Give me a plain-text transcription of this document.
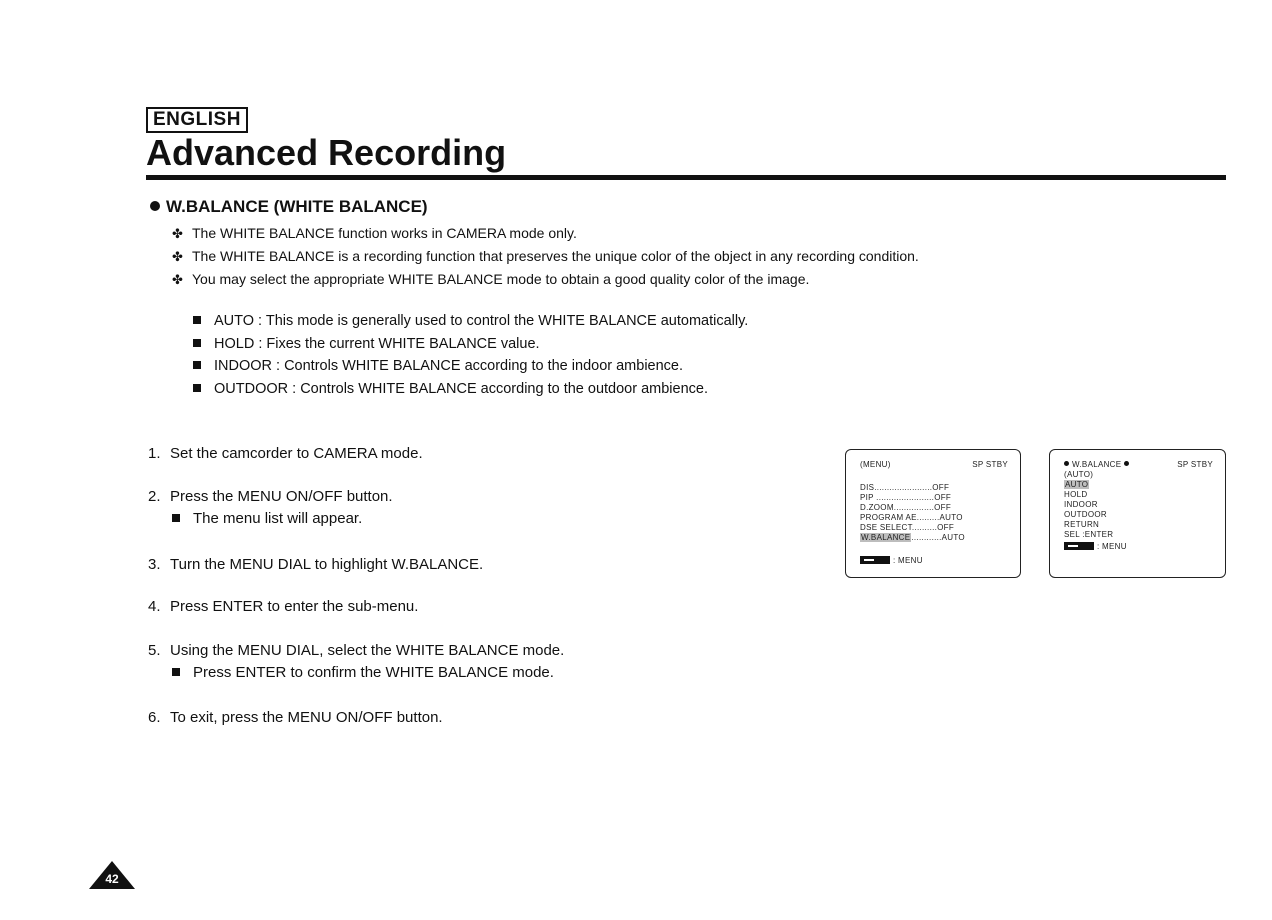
ENGLISH
Advanced Recording
W.BALANCE (WHITE BALANCE)
✤ The WHITE BALANCE function works in CAMERA mode only.
✤ The WHITE BALANCE is a recording function that preserves the unique color of the object in any recording condition.
✤ You may select the appropriate WHITE BALANCE mode to obtain a good quality color of the image.
AUTO : This mode is generally used to control the WHITE BALANCE automatically.
HOLD : Fixes the current WHITE BALANCE value.
INDOOR : Controls WHITE BALANCE according to the indoor ambience.
OUTDOOR : Controls WHITE BALANCE according to the outdoor ambience.
1. Set the camcorder to CAMERA mode.
2. Press the MENU ON/OFF button.
The menu list will appear.
3. Turn the MENU DIAL to highlight W.BALANCE.
4. Press ENTER to enter the sub-menu.
5. Using the MENU DIAL, select the WHITE BALANCE mode.
Press ENTER to confirm the WHITE BALANCE mode.
6. To exit, press the MENU ON/OFF button.
(MENU)	SP STBY
DIS.......................OFF
PIP .......................OFF
D.ZOOM................OFF
PROGRAM AE.........AUTO
DSE SELECT..........OFF
W.BALANCE............AUTO
: MENU
W.BALANCE	SP STBY
(AUTO)
AUTO
HOLD
INDOOR
OUTDOOR
RETURN
SEL :ENTER
: MENU
42
